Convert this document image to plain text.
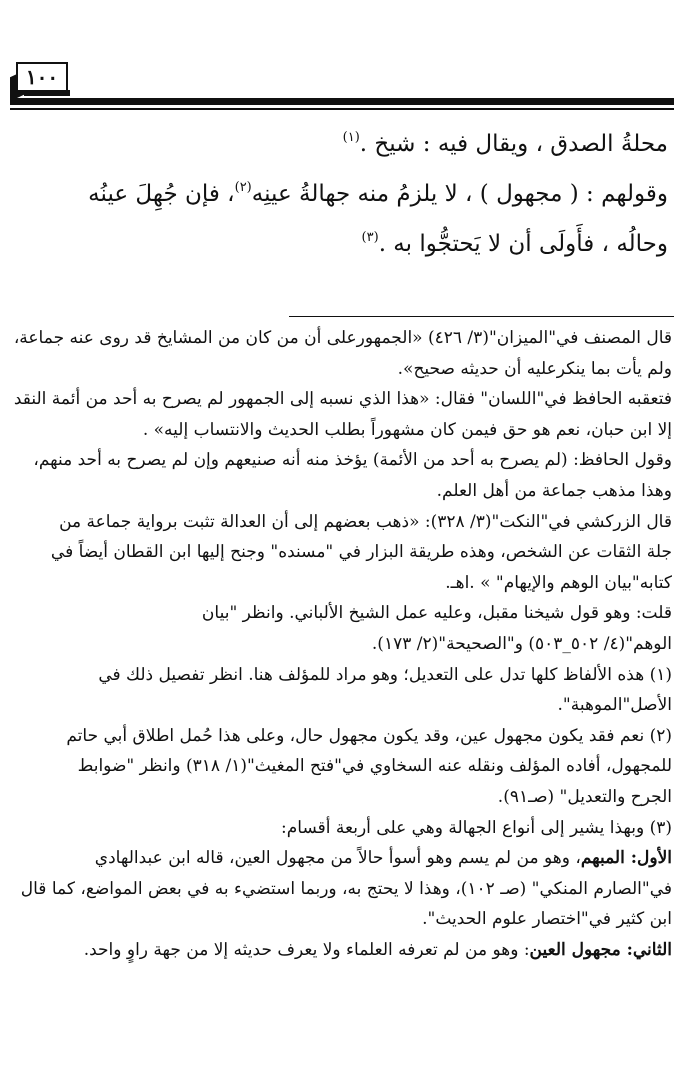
١٠٠

محلةُ الصدق ، ويقال فيه : شيخ .$^{(١)}$

وقولهم : ( مجهول ) ، لا يلزمُ منه جهالةُ عينِه$^{(٢)}$، فإن جُهِلَ عينُه

وحالُه ، فأَولَى أن لا يَحتجُّوا به .$^{(٣)}$

قال المصنف في"الميزان"(٣/ ٤٢٦) «الجمهورعلى أن من كان من المشايخ قد روى عنه جماعة،

ولم يأت بما ينكرعليه أن حديثه صحيح».

فتعقبه الحافظ في"اللسان" فقال: «هذا الذي نسبه إلى الجمهور لم يصرح به أحد من أئمة النقد

إلا ابن حبان، نعم هو حق فيمن كان مشهوراً بطلب الحديث والانتساب إليه» .

وقول الحافظ: (لم يصرح به أحد من الأئمة) يؤخذ منه أنه صنيعهم وإن لم يصرح به أحد منهم،

وهذا مذهب جماعة من أهل العلم.

قال الزركشي في"النكت"(٣/ ٣٢٨): «ذهب بعضهم إلى أن العدالة تثبت برواية جماعة من

جلة الثقات عن الشخص، وهذه طريقة البزار في "مسنده" وجنح إليها ابن القطان أيضاً في

كتابه"بيان الوهم والإيهام" » .اهـ.

قلت: وهو قول شيخنا مقبل، وعليه عمل الشيخ الألباني. وانظر "بيان

الوهم"(٤/ ٥٠٢_٥٠٣) و"الصحيحة"(٢/ ١٧٣).

(١) هذه الألفاظ كلها تدل على التعديل؛ وهو مراد للمؤلف هنا. انظر تفصيل ذلك في

الأصل"الموهبة".

(٢) نعم فقد يكون مجهول عين، وقد يكون مجهول حال، وعلى هذا حُمل اطلاق أبي حاتم

للمجهول، أفاده المؤلف ونقله عنه السخاوي في"فتح المغيث"(١/ ٣١٨) وانظر "ضوابط

الجرح والتعديل" (صـ٩١).

(٣) وبهذا يشير إلى أنواع الجهالة وهي على أربعة أقسام:

الأول: المبهم، وهو من لم يسم وهو أسوأ حالاً من مجهول العين، قاله ابن عبدالهادي

في"الصارم المنكي" (صـ ١٠٢)، وهذا لا يحتج به، وربما استضيء به في بعض المواضع، كما قال

ابن كثير في"اختصار علوم الحديث".

الثاني: مجهول العين: وهو من لم تعرفه العلماء ولا يعرف حديثه إلا من جهة راوٍ واحد.
